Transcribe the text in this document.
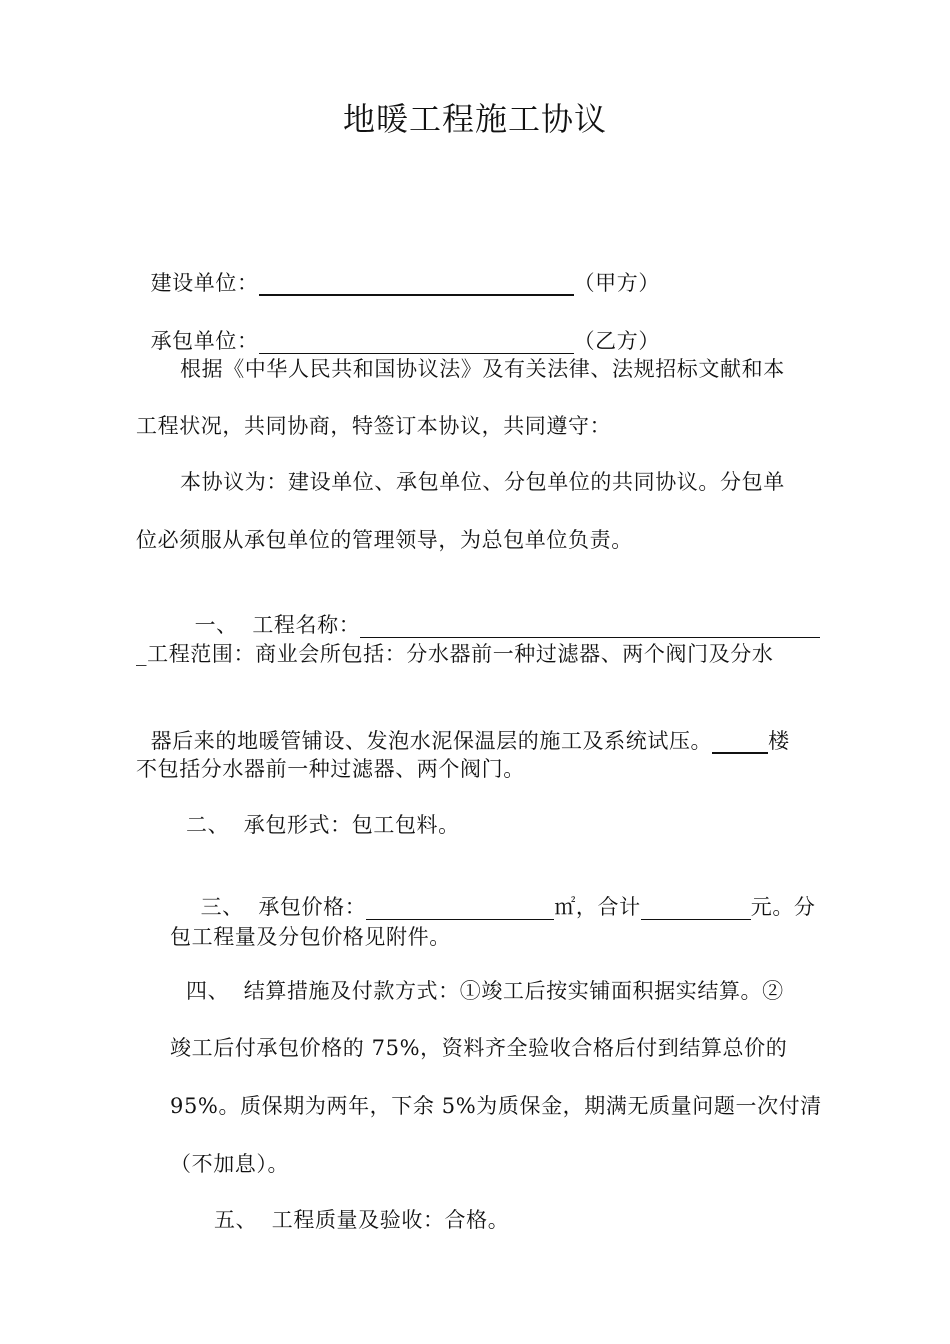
地暖工程施工协议

建设单位：	（甲方）

承包单位：	（乙方）

根据《中华人民共和国协议法》及有关法律、法规招标文献和本
工程状况，共同协商，特签订本协议，共同遵守：
本协议为：建设单位、承包单位、分包单位的共同协议。分包单
位必须服从承包单位的管理领导，为总包单位负责。

一、  工程名称：

_工程范围：商业会所包括：分水器前一种过滤器、两个阀门及分水

器后来的地暖管铺设、发泡水泥保温层的施工及系统试压。	楼

不包括分水器前一种过滤器、两个阀门。
二、  承包形式：包工包料。

三、  承包价格：	㎡，合计	元。分

包工程量及分包价格见附件。
四、  结算措施及付款方式：①竣工后按实铺面积据实结算。②
竣工后付承包价格的 75%，资料齐全验收合格后付到结算总价的
95%。质保期为两年，下余 5%为质保金，期满无质量问题一次付清
（不加息）。
五、  工程质量及验收：合格。
